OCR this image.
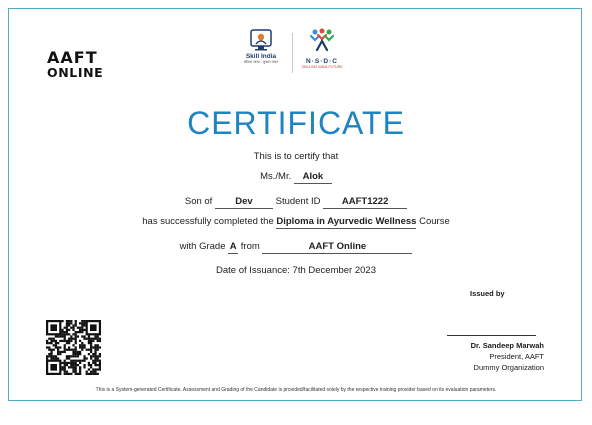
AAFT
ONLINE
Skill India
कौशल भारत - कुशल भारत	N·S·D·C
SKILLING INDIA FUTURE
CERTIFICATE
This is to certify that
Ms./Mr. Alok
Son of Dev Student ID AAFT1222
has successfully completed the Diploma in Ayurvedic Wellness Course
with Grade A from	AAFT Online
Date of Issuance: 7th December 2023
Issued by
Dr. Sandeep Marwah
President, AAFT
Dummy Organization
This is a System-generated Certificate. Assessment and Grading of the Candidate is provided/facilitated solely by the respective training provider based on its evaluation parameters.
